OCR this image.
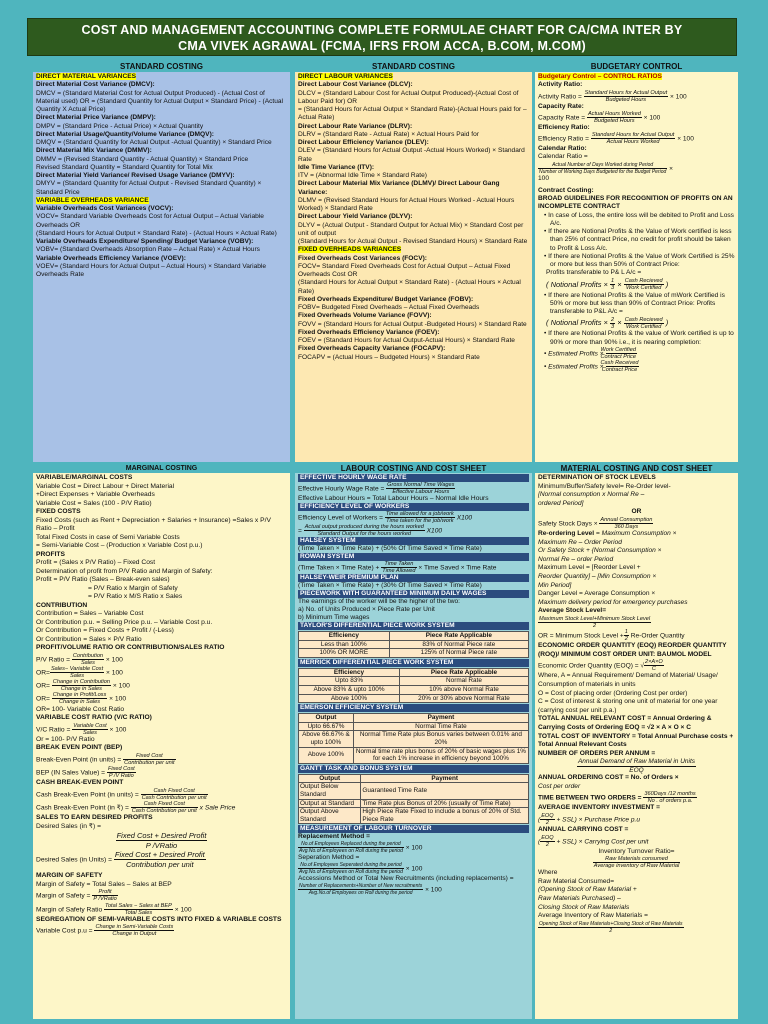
COST AND MANAGEMENT ACCOUNTING COMPLETE FORMULAE CHART FOR CA/CMA INTER BY
CMA VIVEK AGRAWAL (FCMA, IFRS FROM ACCA, B.COM, M.COM)
STANDARD COSTING	STANDARD COSTING	BUDGETARY CONTROL
DIRECT MATERIAL VARIANCES
Direct Material Cost Variance (DMCV):
DMCV = (Standard Material Cost for Actual Output Produced) - (Actual Cost of Material used) OR = (Standard Quantity for Actual Output × Standard Price) - (Actual Quantity X Actual Price)
Direct Material Price Variance (DMPV):
DMPV = (Standard Price - Actual Price) × Actual Quantity
Direct Material Usage/Quantity/Volume Variance (DMQV):
DMQV = (Standard Quantity for Actual Output -Actual Quantity) × Standard Price
Direct Material Mix Variance (DMMV):
DMMV = (Revised Standard Quantity - Actual Quantity) × Standard Price
Revised Standard Quantity = Standard Quantity for Total Mix
Direct Material Yield Variance/ Revised Usage Variance (DMYV):
DMYV = (Standard Quantity for Actual Output - Revised Standard Quantity) × Standard Price
VARIABLE OVERHEADS VARIANCE
Variable Overheads Cost Variances (VOCV):
VOCV= Standard Variable Overheads Cost for Actual Output – Actual Variable Overheads OR
(Standard Hours for Actual Output × Standard Rate) - (Actual Hours × Actual Rate)
Variable Overheads Expenditure/ Spending/ Budget Variance (VOBV):
VOBV= (Standard Overheads Absorption Rate – Actual Rate) × Actual Hours
Variable Overheads Efficiency Variance (VOEV):
VOEV= (Standard Hours for Actual Output – Actual Hours) × Standard Variable Overheads Rate
DIRECT LABOUR VARIANCES
Direct Labour Cost Variance (DLCV):
DLCV = (Standard Labour Cost for Actual Output Produced)-(Actual Cost of Labour Paid for) OR
= (Standard Hours for Actual Output × Standard Rate)-(Actual Hours paid for – Actual Rate)
Direct Labour Rate Variance (DLRV):
DLRV = (Standard Rate - Actual Rate) × Actual Hours Paid for
Direct Labour Efficiency Variance (DLEV):
DLEV = (Standard Hours for Actual Output -Actual Hours Worked) × Standard Rate
Idle Time Variance (ITV):
ITV = (Abnormal Idle Time × Standard Rate)
Direct Labour Material Mix Variance (DLMV)/ Direct Labour Gang Variance:
DLMV = (Revised Standard Hours for Actual Hours Worked - Actual Hours Worked) × Standard Rate
Direct Labour Yield Variance (DLYV):
DLYV = (Actual Output - Standard Output for Actual Mix) × Standard Cost per unit of output
(Standard Hours for Actual Output - Revised Standard Hours) × Standard Rate
FIXED OVERHEADS VARIANCES
Fixed Overheads Cost Variances (FOCV):
FOCV= Standard Fixed Overheads Cost for Actual Output – Actual Fixed Overheads Cost OR
(Standard Hours for Actual Output × Standard Rate) - (Actual Hours × Actual Rate)
Fixed Overheads Expenditure/ Budget Variance (FOBV):
FOBV= Budgeted Fixed Overheads – Actual Fixed Overheads
Fixed Overheads Volume Variance (FOVV):
FOVV = (Standard Hours for Actual Output -Budgeted Hours) × Standard Rate
Fixed Overheads Efficiency Variance (FOEV):
FOEV = (Standard Hours for Actual Output-Actual Hours) × Standard Rate
Fixed Overheads Capacity Variance (FOCAPV):
FOCAPV = (Actual Hours – Budgeted Hours) × Standard Rate
Budgetary Control – CONTROL RATIOS
Activity Ratio:
Activity Ratio = $\frac{\text{Standard Hours for Actual Output}}{\text{Budgeted Hours}} \times 100$
Capacity Rate:
Capacity Rate = $\frac{\text{Actual Hours Worked}}{\text{Budgeted Hours}} \times 100$
Efficiency Ratio:
Efficiency Ratio = $\frac{\text{Standard Hours for Actual Output}}{\text{Actual Hours Worked}} \times 100$
Calendar Ratio:
Calendar Ratio =

$\frac{\text{Actual Number of Days Worked during Period}}{\text{Number of Working Days Budgeted for the Budget Period}}$ ×
100
Contract Costing:
BROAD GUIDELINES FOR RECOGNITION OF PROFITS ON AN INCOMPLETE CONTRACT
• In case of Loss, the entire loss will be debited to Profit and Loss A/c.
• If there are Notional Profits & the Value of Work certified is less than 25% of contract Price, no credit for profit should be taken to Profit & Loss A/c.
• If there are Notional Profits & the Value of Work Certified is 25% or more but less than 50% of Contract Price:
Profits transferable to P& L A/c =
( Notional Profits × $\frac{1}{3} \times \frac{\text{Cash Recieved}}{\text{Work Certified}}$ )
• If there are Notional Profits & the Value of mWork Certified is 50% or more but less than 90% of Contract Price: Profits transferable to P&L A/c =
( Notional Profits × $\frac{2}{3} \times \frac{\text{Cash Recieved}}{\text{Work Certified}}$ )
• If there are Notional Profits & the value of Work certified is up to 90% or more than 90% i.e., it is nearing completion:
• Estimated Profits × $\frac{\text{Work Certified}}{\text{Contract Price}}$
• Estimated Profits × $\frac{\text{Cash Received}}{\text{Contract Price}}$
MARGINAL COSTING	LABOUR COSTING AND COST SHEET	MATERIAL COSTING AND COST SHEET
VARIABLE/MARGINAL COSTS
Variable Cost = Direct Labour + Direct Material
+Direct Expenses + Variable Overheads
Variable Cost = Sales (100 - P/V Ratio)
FIXED COSTS
Fixed Costs (such as Rent + Depreciation + Salaries + Insurance) =Sales x P/V Ratio – Profit
Total Fixed Costs in case of Semi Variable Costs
= Semi-Variable Cost – (Production x Variable Cost p.u.)
PROFITS
Profit = (Sales x P/V Ratio) – Fixed Cost
Determination of profit from P/V Ratio and Margin of Safety:
Profit = P/V Ratio (Sales – Break-even sales)
= P/V Ratio x Margin of Safety
= P/V Ratio x M/S Ratio x Sales
CONTRIBUTION
Contribution = Sales – Variable Cost
Or Contribution p.u. = Selling Price p.u. – Variable Cost p.u.
Or Contribution = Fixed Costs + Profit / (-Less)
Or Contribution = Sales × P/V Ratio
PROFIT/VOLUME RATIO OR CONTRIBUTION/SALES RATIO
P/V Ratio = $\frac{\text{Contribution}}{\text{Sales}} \times 100$
$OR= \frac{\text{Sales− Variable Cost}}{\text{Sales}} \times 100$
$OR= \frac{\text{Change in Contribution}}{\text{Change in Sales}} \times 100$
$OR= \frac{\text{Change in Profit/Loss}}{\text{Change in Sales}} \times 100$
OR= 100- Variable Cost Ratio
VARIABLE COST RATIO (V/C RATIO)
V/C Ratio = $\frac{\text{Variable Cost}}{\text{Sales}} \times 100$
Or = 100- P/V Ratio
BREAK EVEN POINT (BEP)
Break-Even Point (in units) = $\frac{\text{Fixed Cost}}{\text{Contribution per unit}}$
BEP (IN Sales Value) = $\frac{\text{Fixed Cost}}{\text{P /V Ratio}}$
CASH BREAK-EVEN POINT
Cash Break-Even Point (in units) = $\frac{\text{Cash Fixed Cost}}{\text{Cash Contribution per unit}}$
Cash Break-Even Point (in ₹) = $\frac{\text{Cash Fixed Cost}}{\text{Cash Contribution per unit}}$ x Sale Price
SALES TO EARN DESIRED PROFITS
Desired Sales (in ₹) =
$\frac{\text{Fixed Cost + Desired Profit}}{\text{P /VRatio}}$
Desired Sales (in Units) = $\frac{\text{Fixed Cost + Desired Profit}}{\text{Contribution per unit}}$
MARGIN OF SAFETY
Margin of Safety = Total Sales – Sales at BEP
Margin of Safety = $\frac{\text{Profit}}{\text{P /VRatio}}$
Margin of Safety Ratio $\frac{\text{Total Sales − Sales at BEP}}{\text{Total Sales}} \times 100$
SEGREGATION OF SEMI-VARIABLE COSTS INTO FIXED & VARIABLE COSTS
Variable Cost $p.u = \frac{\text{Change in Semi-Variable Costs}}{\text{Change in Output}}$
EFFECTIVE HOURLY WAGE RATE
Effective Hourly Wage Rate = $\frac{\text{Gross Normal Time Wages}}{\text{Effective Labour Hours}}$
Effective Labour Hours = Total Labour Hours – Normal Idle Hours
EFFICIENCY LEVEL OF WORKERS
Efficiency Level of Workers = $\frac{\text{Time allowed for a job/work}}{\text{Time taken for the job/work}} X100$
= $\frac{\text{Actual output produced during the hours worked}}{\text{Standard Output for the hours worked}} X100$
HALSEY SYSTEM
(Time Taken × Time Rate) + (50% Of Time Saved × Time Rate)
ROWAN SYSTEM
(Time Taken × Time Rate) + $\frac{\text{Time Taken}}{\text{Time Allowed}}$ × Time Saved × Time Rate
HALSEY-WEIR PREMIUM PLAN
(Time Taken × Time Rate) + (30% Of Time Saved × Time Rate)
PIECEWORK WITH GUARANTEED MINIMUM DAILY WAGES
The earnings of the worker will be the higher of the two:
a) No. of Units Produced × Piece Rate per Unit
b) Minimum Time wages
TAYLOR'S DIFFERENTIAL PIECE WORK SYSTEM
Efficiency	Piece Rate Applicable
Less than 100%	83% of Normal Piece rate
100% OR MORE	125% of Normal Piece rate
MERRICK DIFFERENTIAL PIECE WORK SYSTEM
Efficiency	Piece Rate Applicable
Upto 83%	Normal Rate
Above 83% & upto 100%	10% above Normal Rate
Above 100%	20% or 30% above Normal Rate
EMERSON EFFICIENCY SYSTEM
Output	Payment
Upto 66.67%	Normal Time Rate
Above 66.67% & upto 100%	Normal Time Rate plus Bonus varies between 0.01% and 20%
Above 100%	Normal time rate plus bonus of 20% of basic wages plus 1% for each 1% increase in efficiency beyond 100%
GANTT TASK AND BONUS SYSTEM
Output	Payment
Output Below Standard	Guaranteed Time Rate
Output at Standard	Time Rate plus Bonus of 20% (usually of Time Rate)
Output Above Standard	High Piece Rate Fixed to include a bonus of 20% of Std. Piece Rate
MEASUREMENT OF LABOUR TURNOVER
Replacement Method =
$\frac{\text{No.of Employees Replaced during the period}}{\text{Avg.No.of Employees on Roll during the period}} \times 100$
Seperation Method =
$\frac{\text{No.of Employees Seperated during the period}}{\text{Avg.No.of Employees on Roll during the period}} \times 100$
Accessions Method or Total New Recruitments (including replacements) =
$\frac{\text{Number of Replacements+Number of New recruitments}}{\text{Avg.No.of Employees on Roll during the period}} \times 100$
DETERMINATION OF STOCK LEVELS
Minimum/Buffer/Safety level= Re-Order level-
[Normal consumption x Normal Re –
ordered Period]
OR
Safety Stock Days × $\frac{\text{Annual Consumption}}{\text{360 Days}}$
Re-ordering Level = Maximum Consumption ×
Maximum Re – Order Period
Or Safety Stock + {Normal Consumption ×
Normal Re – order Period
Maximum Level = [Reorder Level +
Reorder Quantity] – [Min Consumption ×
Min Period]
Danger Level = Average Consumption ×
Maximum delivery period for emergency purchases
Average Stock Level=
$\frac{\text{Maximum Stock Level+Minimum Stock Level}}{2}$
OR = Minimum Stock Level + $\frac{1}{2}$ Re-Order Quantity
ECONOMIC ORDER QUANTITY (EOQ) REORDER QUANTITY (ROQ)/ MINIMUM COST ORDER UNIT: BAUMOL MODEL
Economic Order Quantity (EOQ) = √ $\frac{2\times A\times O}{C}$
Where, A = Annual Requirement/ Demand of Material/ Usage/ Consumption of materials in units
O = Cost of placing order (Ordering Cost per order)
C = Cost of interest & storing one unit of material for one year (carrying cost per unit p.a.)
TOTAL ANNUAL RELEVANT COST = Annual Ordering & Carrying Costs of Ordering EOQ = √2 × A × O × C
TOTAL COST OF INVENTORY = Total Annual Purchase costs + Total Annual Relevant Costs
NUMBER OF ORDERS PER ANNUM =
$\frac{\text{Annual Demand of Raw Material in Units}}{\text{EOQ}}$
ANNUAL ORDERING COST = No. of Orders ×
Cost per order
TIME BETWEEN TWO ORDERS = $\frac{\text{360Days /12 months}}{\text{No . of orders p.a.}}$
AVERAGE INVENTORY INVESTMENT =
( $\frac{\text{EOQ}}{2} + SSL$) × Purchase Price p.u
ANNUAL CARRYING COST =
( $\frac{\text{EOQ}}{2} + SSL$) × Carrying Cost per unit
Inventory Turnover Ratio=
$\frac{\text{Raw Materials consumed}}{\text{Average inventory of Raw Material}}$
Where
Raw Material Consumed=
(Opening Stock of Raw Material +
Raw Materials Purchased) –
Closing Stock of Raw Materials
Average Inventory of Raw Materials =
Opening Stock of Raw Materials+Closing Stock of Raw Materials
2
